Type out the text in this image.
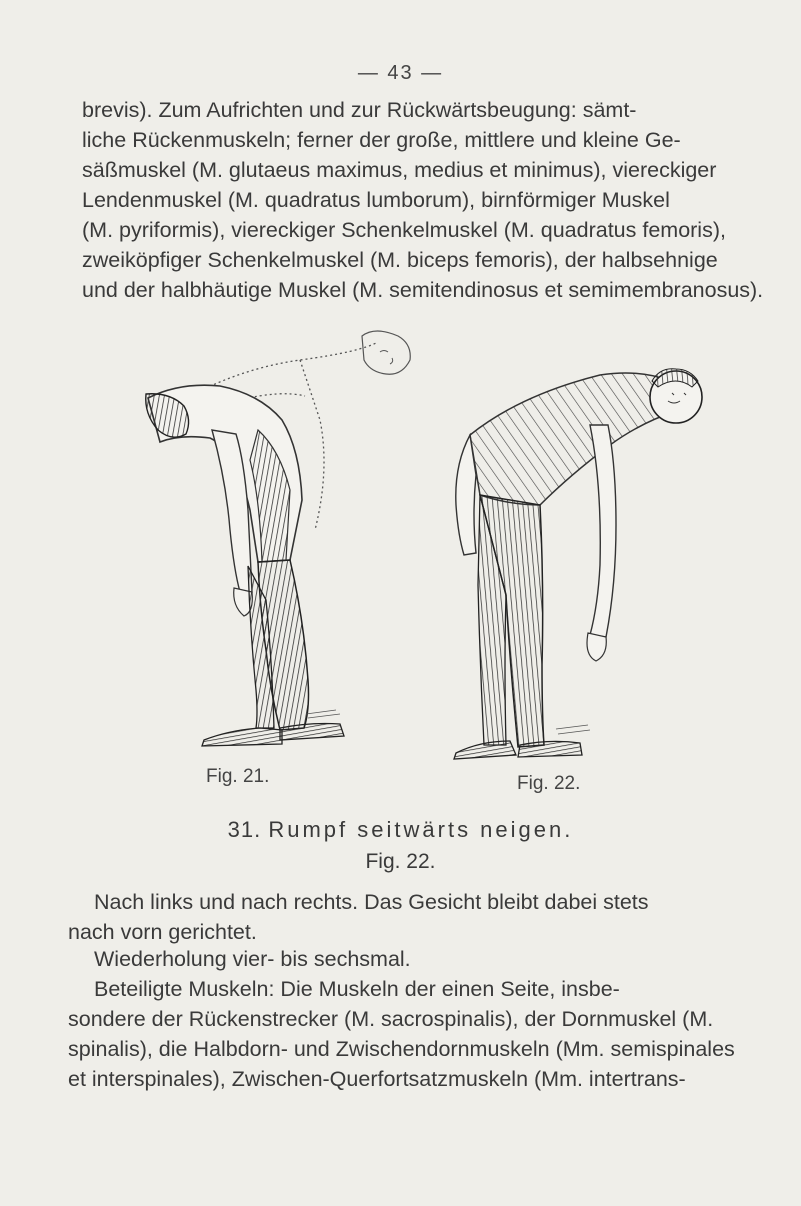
— 43 —

brevis). Zum Aufrichten und zur Rückwärtsbeugung: sämt-
liche Rückenmuskeln; ferner der große, mittlere und kleine Ge-
säßmuskel (M. glutaeus maximus, medius et minimus), viereckiger
Lendenmuskel (M. quadratus lumborum), birnförmiger Muskel
(M. pyriformis), viereckiger Schenkelmuskel (M. quadratus femoris),
zweiköpfiger Schenkelmuskel (M. biceps femoris), der halbsehnige
und der halbhäutige Muskel (M. semitendinosus et semimembranosus).

Fig. 21.	Fig. 22.
31. Rumpf seitwärts neigen.
Fig. 22.

Nach links und nach rechts. Das Gesicht bleibt dabei stets
nach vorn gerichtet.

Wiederholung vier- bis sechsmal.

Beteiligte Muskeln: Die Muskeln der einen Seite, insbe-
sondere der Rückenstrecker (M. sacrospinalis), der Dornmuskel (M.
spinalis), die Halbdorn- und Zwischendornmuskeln (Mm. semispinales
et interspinales), Zwischen-Querfortsatzmuskeln (Mm. intertrans-
